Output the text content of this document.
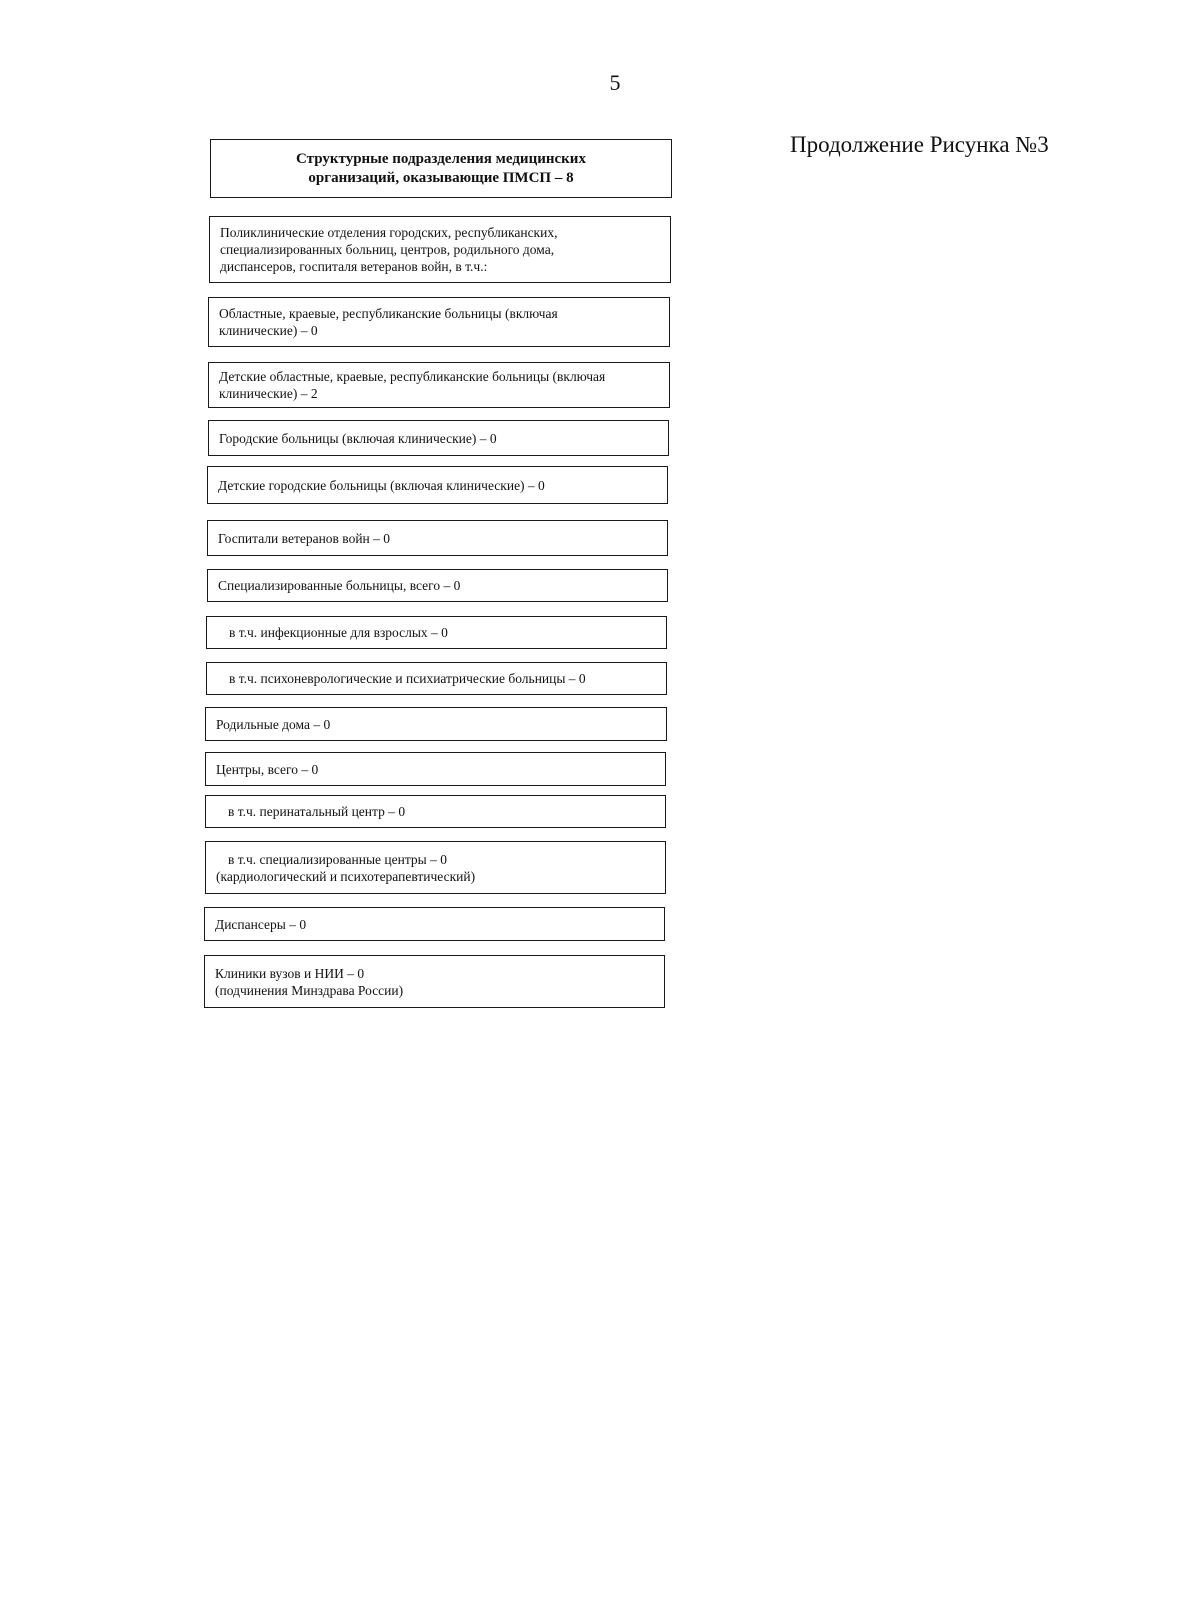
5
Продолжение Рисунка №3
Структурные подразделения медицинских
организаций, оказывающие ПМСП – 8
Поликлинические отделения городских, республиканских,
специализированных больниц, центров, родильного дома,
диспансеров, госпиталя ветеранов войн, в т.ч.:
Областные, краевые, республиканские больницы (включая
клинические) – 0
Детские областные, краевые, республиканские больницы (включая
клинические) – 2
Городские больницы (включая клинические) – 0
Детские городские больницы (включая клинические) – 0
Госпитали ветеранов войн – 0
Специализированные больницы, всего – 0
в т.ч. инфекционные для взрослых – 0
в т.ч. психоневрологические и психиатрические больницы – 0
Родильные дома – 0
Центры, всего – 0
в т.ч. перинатальный центр – 0
в т.ч. специализированные центры – 0
(кардиологический и психотерапевтический)
Диспансеры – 0
Клиники вузов и НИИ – 0
(подчинения Минздрава России)
